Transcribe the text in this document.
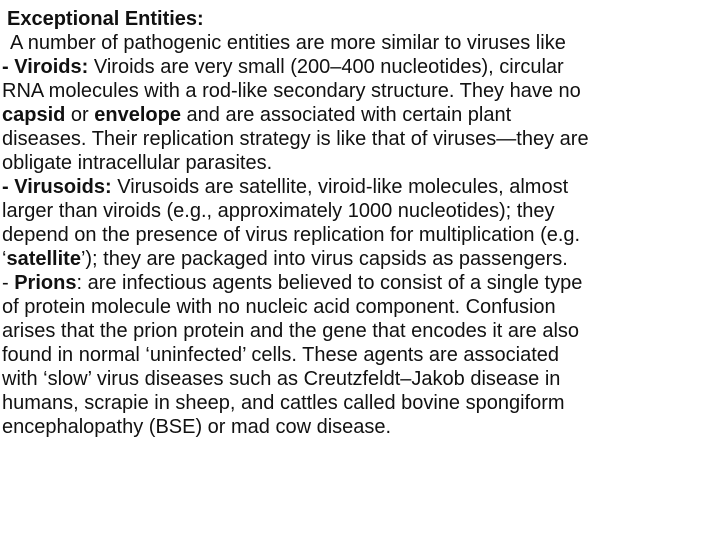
Exceptional Entities:
A number of pathogenic entities are more similar to viruses like
- Viroids: Viroids are very small (200–400 nucleotides), circular
RNA molecules with a rod-like secondary structure. They have no
capsid or envelope and are associated with certain plant
diseases. Their replication strategy is like that of viruses—they are
obligate intracellular parasites.
- Virusoids: Virusoids are satellite, viroid-like molecules, almost
larger than viroids (e.g., approximately 1000 nucleotides); they
depend on the presence of virus replication for multiplication (e.g.
‘satellite’); they are packaged into virus capsids as passengers.
- Prions: are infectious agents believed to consist of a single type
of protein molecule with no nucleic acid component. Confusion
arises that the prion protein and the gene that encodes it are also
found in normal ‘uninfected’ cells. These agents are associated
with ‘slow’ virus diseases such as Creutzfeldt–Jakob disease in
humans, scrapie in sheep, and cattles called bovine spongiform
encephalopathy (BSE) or mad cow disease.
